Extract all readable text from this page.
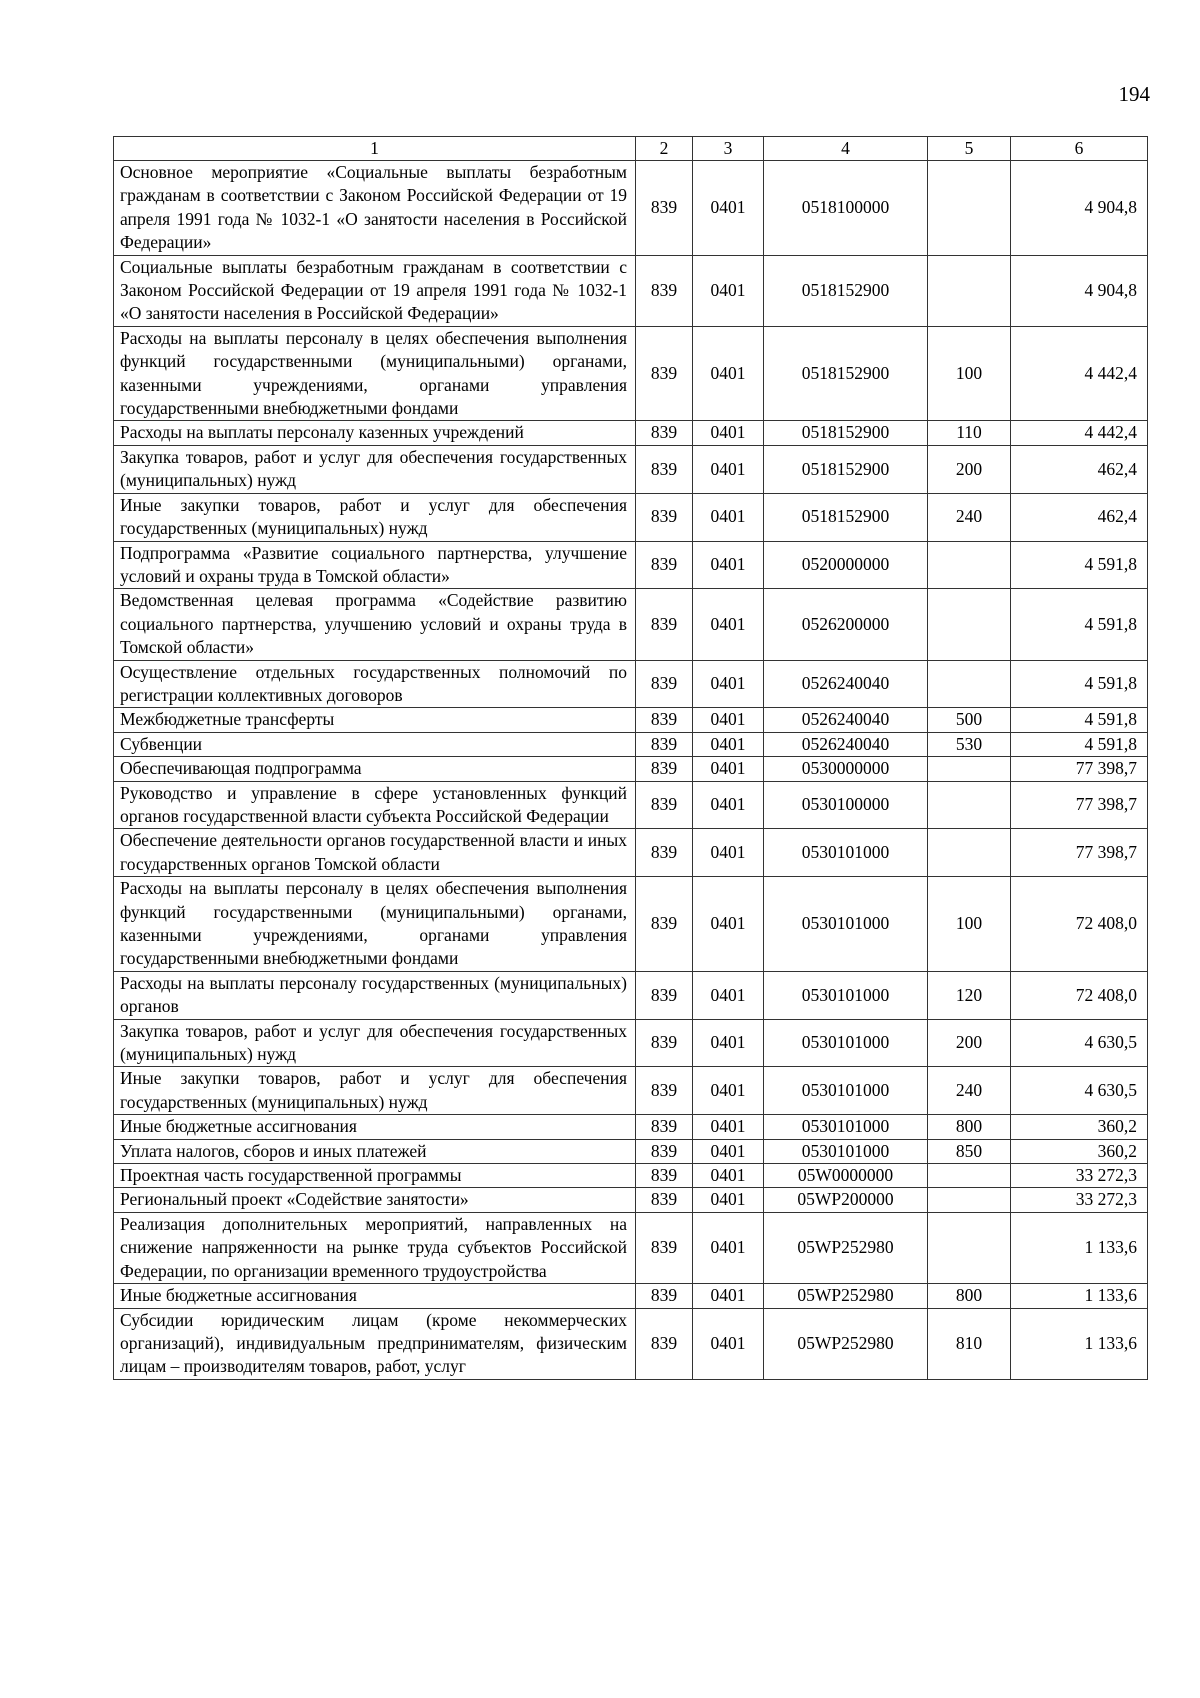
194
1	2	3	4	5	6
Основное мероприятие «Социальные выплаты безработным гражданам в соответствии с Законом Российской Федерации от 19 апреля 1991 года № 1032-1 «О занятости населения в Российской Федерации»	839	0401	0518100000		4 904,8
Социальные выплаты безработным гражданам в соответствии с Законом Российской Федерации от 19 апреля 1991 года № 1032-1 «О занятости населения в Российской Федерации»	839	0401	0518152900		4 904,8
Расходы на выплаты персоналу в целях обеспечения выполнения функций государственными (муниципальными) органами, казенными учреждениями, органами управления государственными внебюджетными фондами	839	0401	0518152900	100	4 442,4
Расходы на выплаты персоналу казенных учреждений	839	0401	0518152900	110	4 442,4
Закупка товаров, работ и услуг для обеспечения государственных (муниципальных) нужд	839	0401	0518152900	200	462,4
Иные закупки товаров, работ и услуг для обеспечения государственных (муниципальных) нужд	839	0401	0518152900	240	462,4
Подпрограмма «Развитие социального партнерства, улучшение условий и охраны труда в Томской области»	839	0401	0520000000		4 591,8
Ведомственная целевая программа «Содействие развитию социального партнерства, улучшению условий и охраны труда в Томской области»	839	0401	0526200000		4 591,8
Осуществление отдельных государственных полномочий по регистрации коллективных договоров	839	0401	0526240040		4 591,8
Межбюджетные трансферты	839	0401	0526240040	500	4 591,8
Субвенции	839	0401	0526240040	530	4 591,8
Обеспечивающая подпрограмма	839	0401	0530000000		77 398,7
Руководство и управление в сфере установленных функций органов государственной власти субъекта Российской Федерации	839	0401	0530100000		77 398,7
Обеспечение деятельности органов государственной власти и иных государственных органов Томской области	839	0401	0530101000		77 398,7
Расходы на выплаты персоналу в целях обеспечения выполнения функций государственными (муниципальными) органами, казенными учреждениями, органами управления государственными внебюджетными фондами	839	0401	0530101000	100	72 408,0
Расходы на выплаты персоналу государственных (муниципальных) органов	839	0401	0530101000	120	72 408,0
Закупка товаров, работ и услуг для обеспечения государственных (муниципальных) нужд	839	0401	0530101000	200	4 630,5
Иные закупки товаров, работ и услуг для обеспечения государственных (муниципальных) нужд	839	0401	0530101000	240	4 630,5
Иные бюджетные ассигнования	839	0401	0530101000	800	360,2
Уплата налогов, сборов и иных платежей	839	0401	0530101000	850	360,2
Проектная часть государственной программы	839	0401	05W0000000		33 272,3
Региональный проект «Содействие занятости»	839	0401	05WP200000		33 272,3
Реализация дополнительных мероприятий, направленных на снижение напряженности на рынке труда субъектов Российской Федерации, по организации временного трудоустройства	839	0401	05WP252980		1 133,6
Иные бюджетные ассигнования	839	0401	05WP252980	800	1 133,6
Субсидии юридическим лицам (кроме некоммерческих организаций), индивидуальным предпринимателям, физическим лицам – производителям товаров, работ, услуг	839	0401	05WP252980	810	1 133,6
